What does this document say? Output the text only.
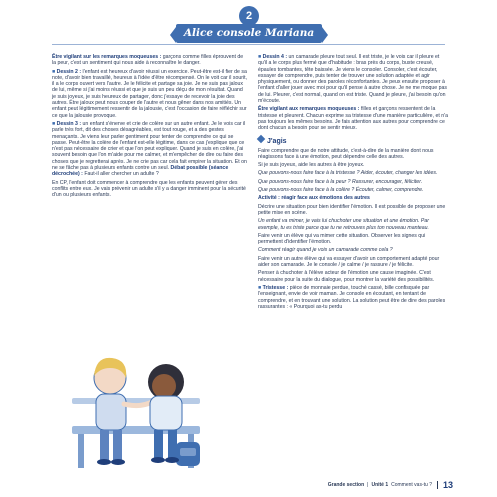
2
Alice console Mariana

Être vigilant sur les remarques moqueuses : garçons comme filles éprouvent de la peur, c'est un sentiment qui nous aide à reconnaître le danger.

■ Dessin 2 : l'enfant est heureux d'avoir réussi un exercice. Peut-être est-il fier de sa note, d'avoir bien travaillé, heureux à l'idée d'être récompensé. On le voit car il sourit, il a le corps ouvert vers l'autre. Je le félicite et partage sa joie. Je ne suis pas jaloux de lui, même si j'ai moins réussi et que je suis un peu déçu de mon résultat. Quand je suis joyeux, je suis heureux de partager, donc j'essaye de recevoir la joie des autres. Être jaloux peut nous couper de l'autre et nous gêner dans nos amitiés. Un enfant peut légitimement ressentir de la jalousie, c'est l'occasion de faire réfléchir sur ce que la jalousie provoque.

■ Dessin 3 : un enfant s'énerve et crie de colère sur un autre enfant. Je le vois car il parle très fort, dit des choses désagréables, est tout rouge, et a des gestes menaçants. Je viens leur parler gentiment pour tenter de comprendre ce qui se passe. Peut-être la colère de l'enfant est-elle légitime, dans ce cas j'explique que ce n'est pas nécessaire de crier et que l'on peut expliquer. Quand je suis en colère, j'ai souvent besoin que l'on m'aide pour me calmer, et m'empêcher de dire ou faire des choses que je regretterai après. Je ne crie pas car cela fait empirer la situation. Et on ne se fâche pas à plusieurs enfants contre un seul. Débat possible (séance décrochée) : Faut-il aller chercher un adulte ?

En CP, l'enfant doit commencer à comprendre que les enfants peuvent gérer des conflits entre eux. Je vais prévenir un adulte s'il y a danger imminent pour la sécurité d'un ou plusieurs enfants.

■ Dessin 4 : un camarade pleure tout seul. Il est triste, je le vois car il pleure et qu'il a le corps plus fermé que d'habitude : bras près du corps, buste creusé, épaules tombantes, tête baissée. Je viens le consoler. Consoler, c'est écouter, essayer de comprendre, puis tenter de trouver une solution adaptée et agir physiquement, ou donner des paroles réconfortantes. Je peux ensuite proposer à l'enfant d'aller jouer avec moi pour qu'il pense à autre chose. Je ne me moque pas de lui. Pleurer, c'est normal, quand on est triste. Quand je pleure, j'ai besoin qu'on m'écoute.

Être vigilant aux remarques moqueuses : filles et garçons ressentent de la tristesse et pleurent. Chacun exprime sa tristesse d'une manière particulière, et n'a pas toujours les mêmes besoins. Je fais attention aux autres pour comprendre ce dont chacun a besoin pour se sentir mieux.

J'agis

Faire comprendre que de notre attitude, c'est-à-dire de la manière dont nous réagissons face à une émotion, peut dépendre celle des autres.

Si je suis joyeux, aide les autres à être joyeux.

Que pouvons-nous faire face à la tristesse ? Aider, écouter, changer les idées.

Que pouvons-nous faire face à la peur ? Rassurer, encourager, féliciter.

Que pouvons-nous faire face à la colère ? Écouter, calmer, comprendre.

Activité : réagir face aux émotions des autres

Décrire une situation pour bien identifier l'émotion. Il est possible de proposer une petite mise en scène.

Un enfant va mimer, je vais lui chuchoter une situation et une émotion. Par exemple, tu es triste parce que tu ne retrouves plus ton nouveau manteau.

Faire venir un élève qui va mimer cette situation. Observer les signes qui permettent d'identifier l'émotion.

Comment réagir quand je vois un camarade comme cela ?

Faire venir un autre élève qui va essayer d'avoir un comportement adapté pour aider son camarade. Je le console / je calme / je rassure / je félicite.

Penser à chuchoter à l'élève acteur de l'émotion une cause imaginée. C'est nécessaire pour la suite du dialogue, pour montrer la variété des possibilités.

■ Tristesse : pièce de monnaie perdue, touché cassé, bille confisquée par l'enseignant, envie de voir maman. Je console en écoutant, en tentant de comprendre, et en trouvant une solution. La solution peut être de dire des paroles rassurantes : « Pourquoi as-tu perdu

Grande section | Unité 1 Comment vas-tu ? 13
